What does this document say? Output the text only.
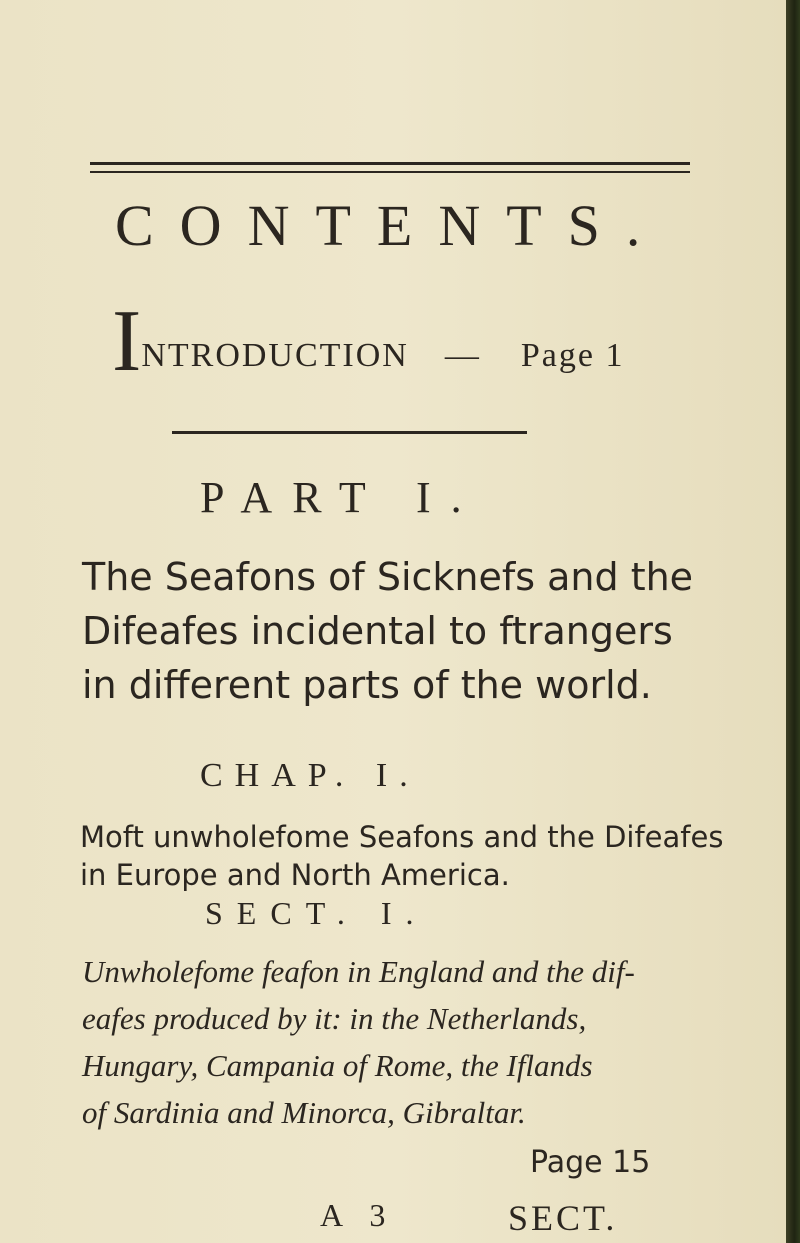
CONTENTS.
INTRODUCTION — Page 1
PART I.
The Seafons of Sicknefs and the
Difeafes incidental to ftrangers
in different parts of the world.
CHAP. I.
Moft unwholefome Seafons and the Difeafes
in Europe and North America.
SECT. I.
Unwholefome feafon in England and the dif-
eafes produced by it: in the Netherlands,
Hungary, Campania of Rome, the Iflands
of Sardinia and Minorca, Gibraltar.
Page 15
A 3	SECT.
